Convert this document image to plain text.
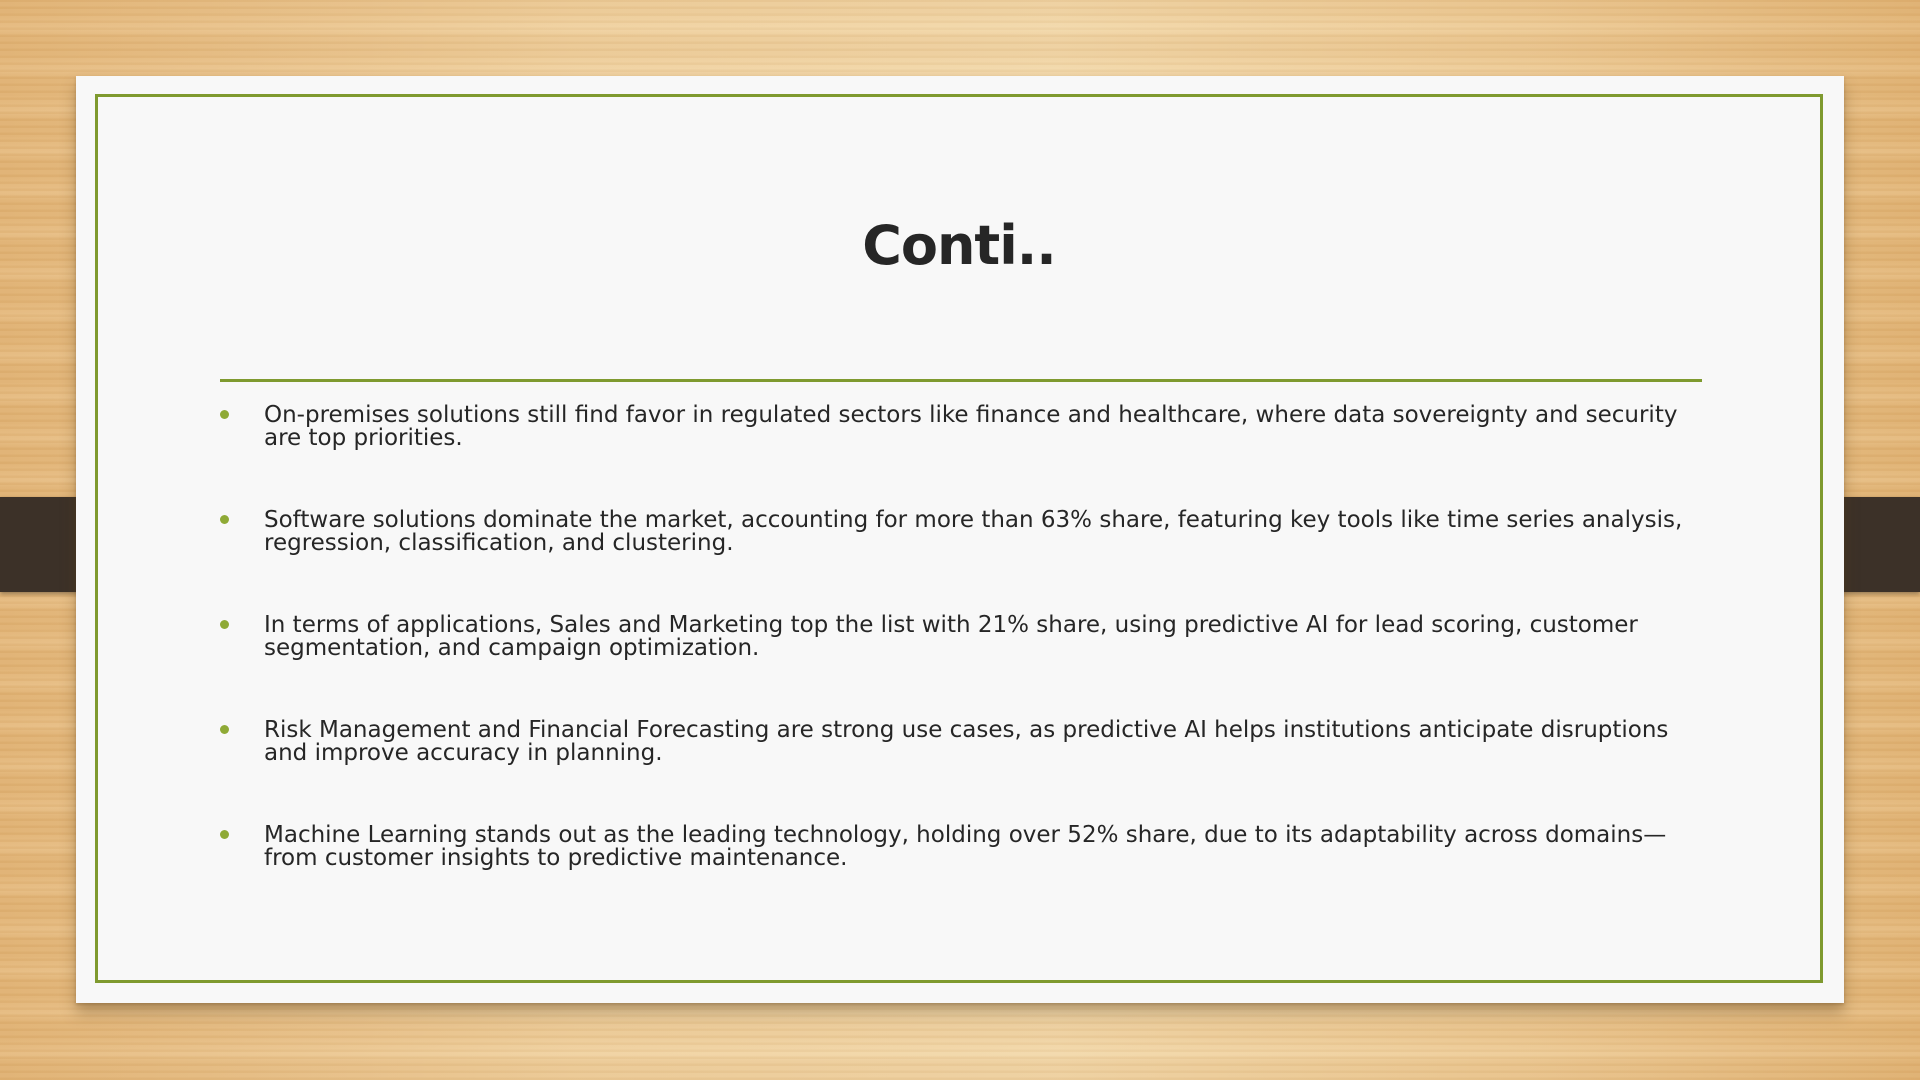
Conti..
On-premises solutions still find favor in regulated sectors like finance and healthcare, where data sovereignty and security are top priorities.
Software solutions dominate the market, accounting for more than 63% share, featuring key tools like time series analysis, regression, classification, and clustering.
In terms of applications, Sales and Marketing top the list with 21% share, using predictive AI for lead scoring, customer segmentation, and campaign optimization.
Risk Management and Financial Forecasting are strong use cases, as predictive AI helps institutions anticipate disruptions and improve accuracy in planning.
Machine Learning stands out as the leading technology, holding over 52% share, due to its adaptability across domains—from customer insights to predictive maintenance.
